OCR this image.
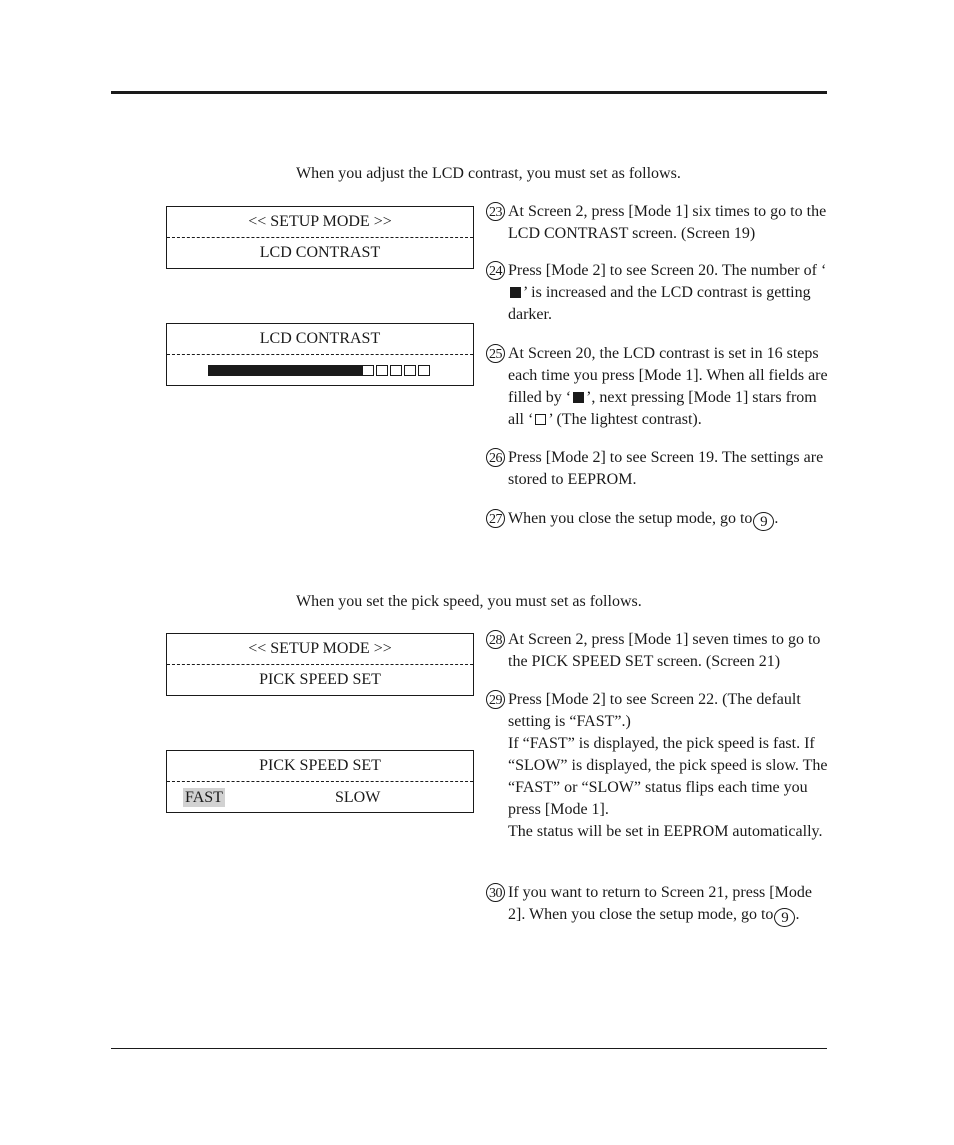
When you adjust the LCD contrast, you must set as follows.
<< SETUP MODE >>
LCD CONTRAST
LCD CONTRAST
23 At Screen 2, press [Mode 1] six times to go to the LCD CONTRAST screen. (Screen 19)
24 Press [Mode 2] to see Screen 20. The number of ‘’ is increased and the LCD contrast is getting darker.
25 At Screen 20, the LCD contrast is set in 16 steps each time you press [Mode 1]. When all fields are filled by ‘ ’, next pressing [Mode 1] stars from all ‘ ’ (The lightest contrast).
26 Press [Mode 2] to see Screen 19. The settings are stored to EEPROM.
27 When you close the setup mode, go to 9 .
When you set the pick speed, you must set as follows.
<< SETUP MODE >>
PICK SPEED SET
PICK SPEED SET
FAST	SLOW
28 At Screen 2, press [Mode 1] seven times to go to the PICK SPEED SET screen. (Screen 21)
29 Press [Mode 2] to see Screen 22. (The default setting is “FAST”.)
If “FAST” is displayed, the pick speed is fast. If “SLOW” is displayed, the pick speed is slow. The “FAST” or “SLOW” status flips each time you press [Mode 1].
The status will be set in EEPROM automatically.
30 If you want to return to Screen 21, press [Mode 2]. When you close the setup mode, go to 9 .
